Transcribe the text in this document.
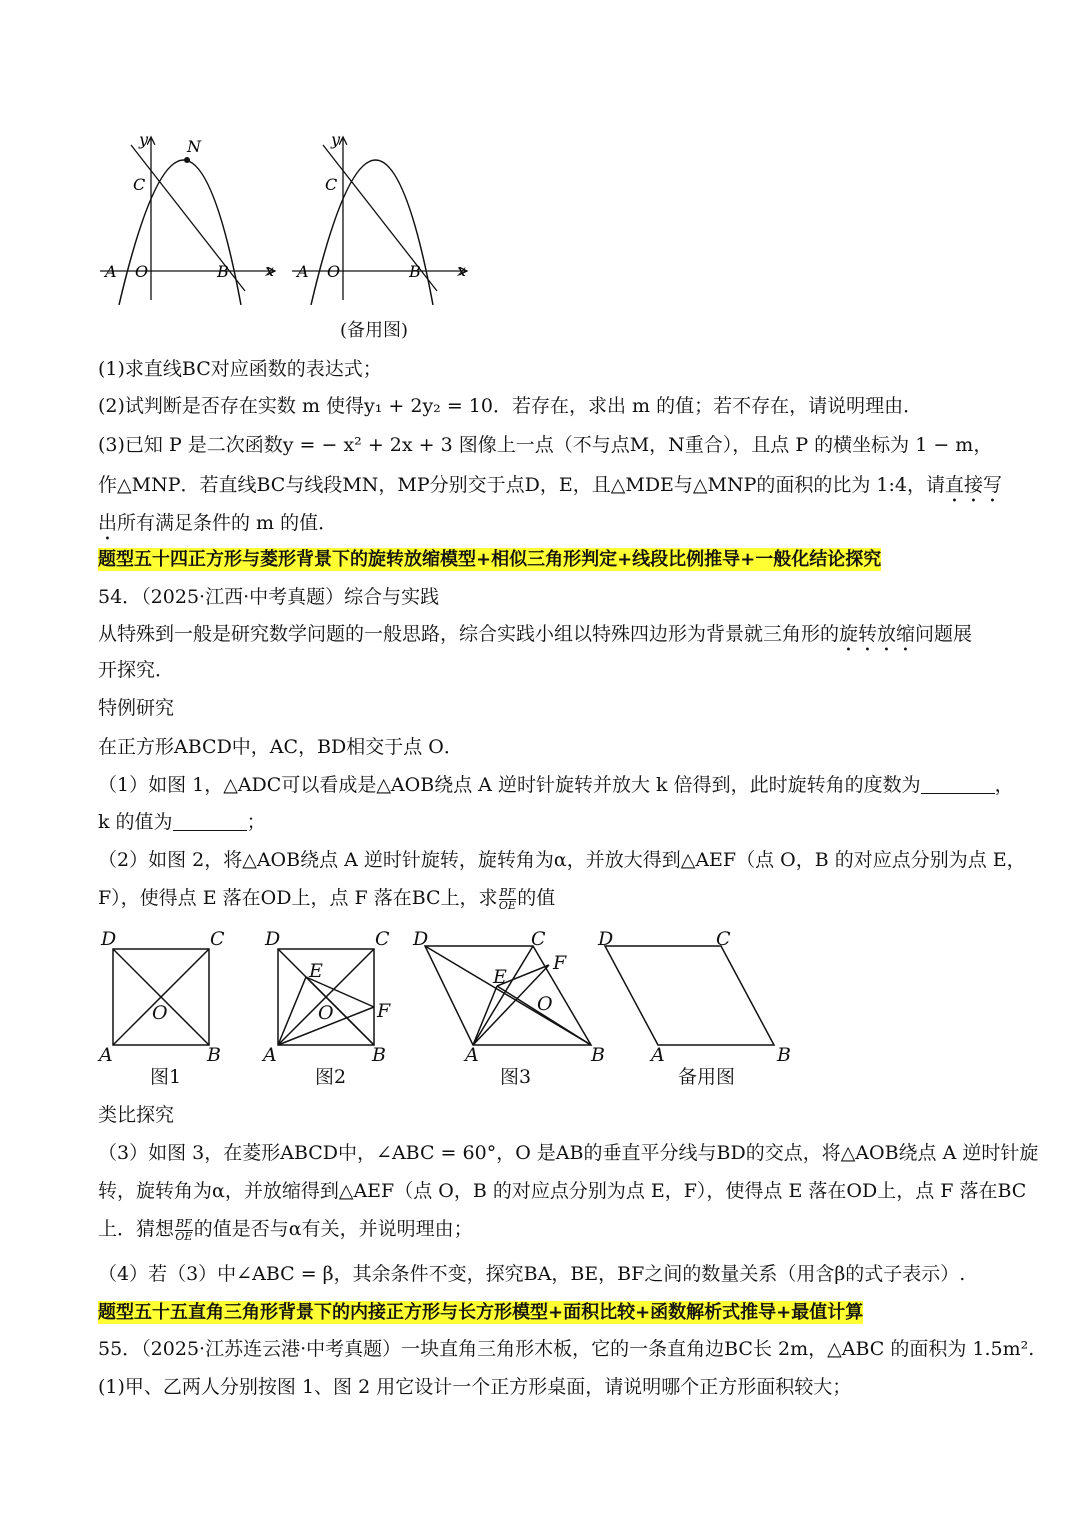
y
x
N
C
A O	B
y
x
C
A O	B
(备用图)
(1)求直线BC对应函数的表达式；
(2)试判断是否存在实数 m 使得y₁ + 2y₂ = 10．若存在，求出 m 的值；若不存在，请说明理由．
(3)已知 P 是二次函数y = − x² + 2x + 3 图像上一点（不与点M，N重合），且点 P 的横坐标为 1 − m，
作△MNP．若直线BC与线段MN，MP分别交于点D，E，且△MDE与△MNP的面积的比为 1:4，请直接写
出所有满足条件的 m 的值．
题型五十四正方形与菱形背景下的旋转放缩模型+相似三角形判定+线段比例推导+一般化结论探究
54．（2025·江西·中考真题）综合与实践
从特殊到一般是研究数学问题的一般思路，综合实践小组以特殊四边形为背景就三角形的旋转放缩问题展
开探究．
特例研究
在正方形ABCD中，AC，BD相交于点 O．
（1）如图 1，△ADC可以看成是△AOB绕点 A 逆时针旋转并放大 k 倍得到，此时旋转角的度数为	，
k 的值为	；
（2）如图 2，将△AOB绕点 A 逆时针旋转，旋转角为α，并放大得到△AEF（点 O，B 的对应点分别为点 E，
F），使得点 E 落在OD上，点 F 落在BC上，求 $\frac{BF}{OE}$ 的值
D	C
O
A	B
D	C
E
O F
A	B
D	C
F
E
O
A	B
D	C
A	B
图1	图2	图3	备用图
类比探究
（3）如图 3，在菱形ABCD中，∠ABC = 60°，O 是AB的垂直平分线与BD的交点，将△AOB绕点 A 逆时针旋
转，旋转角为α，并放缩得到△AEF（点 O，B 的对应点分别为点 E，F），使得点 E 落在OD上，点 F 落在BC
上．猜想 $\frac{BF}{OE}$ 的值是否与α有关，并说明理由；
（4）若（3）中∠ABC = β，其余条件不变，探究BA，BE，BF之间的数量关系（用含β的式子表示）.
题型五十五直角三角形背景下的内接正方形与长方形模型+面积比较+函数解析式推导+最值计算
55．（2025·江苏连云港·中考真题）一块直角三角形木板，它的一条直角边BC长 2m，△ABC 的面积为 1.5m².
(1)甲、乙两人分别按图 1、图 2 用它设计一个正方形桌面，请说明哪个正方形面积较大；
